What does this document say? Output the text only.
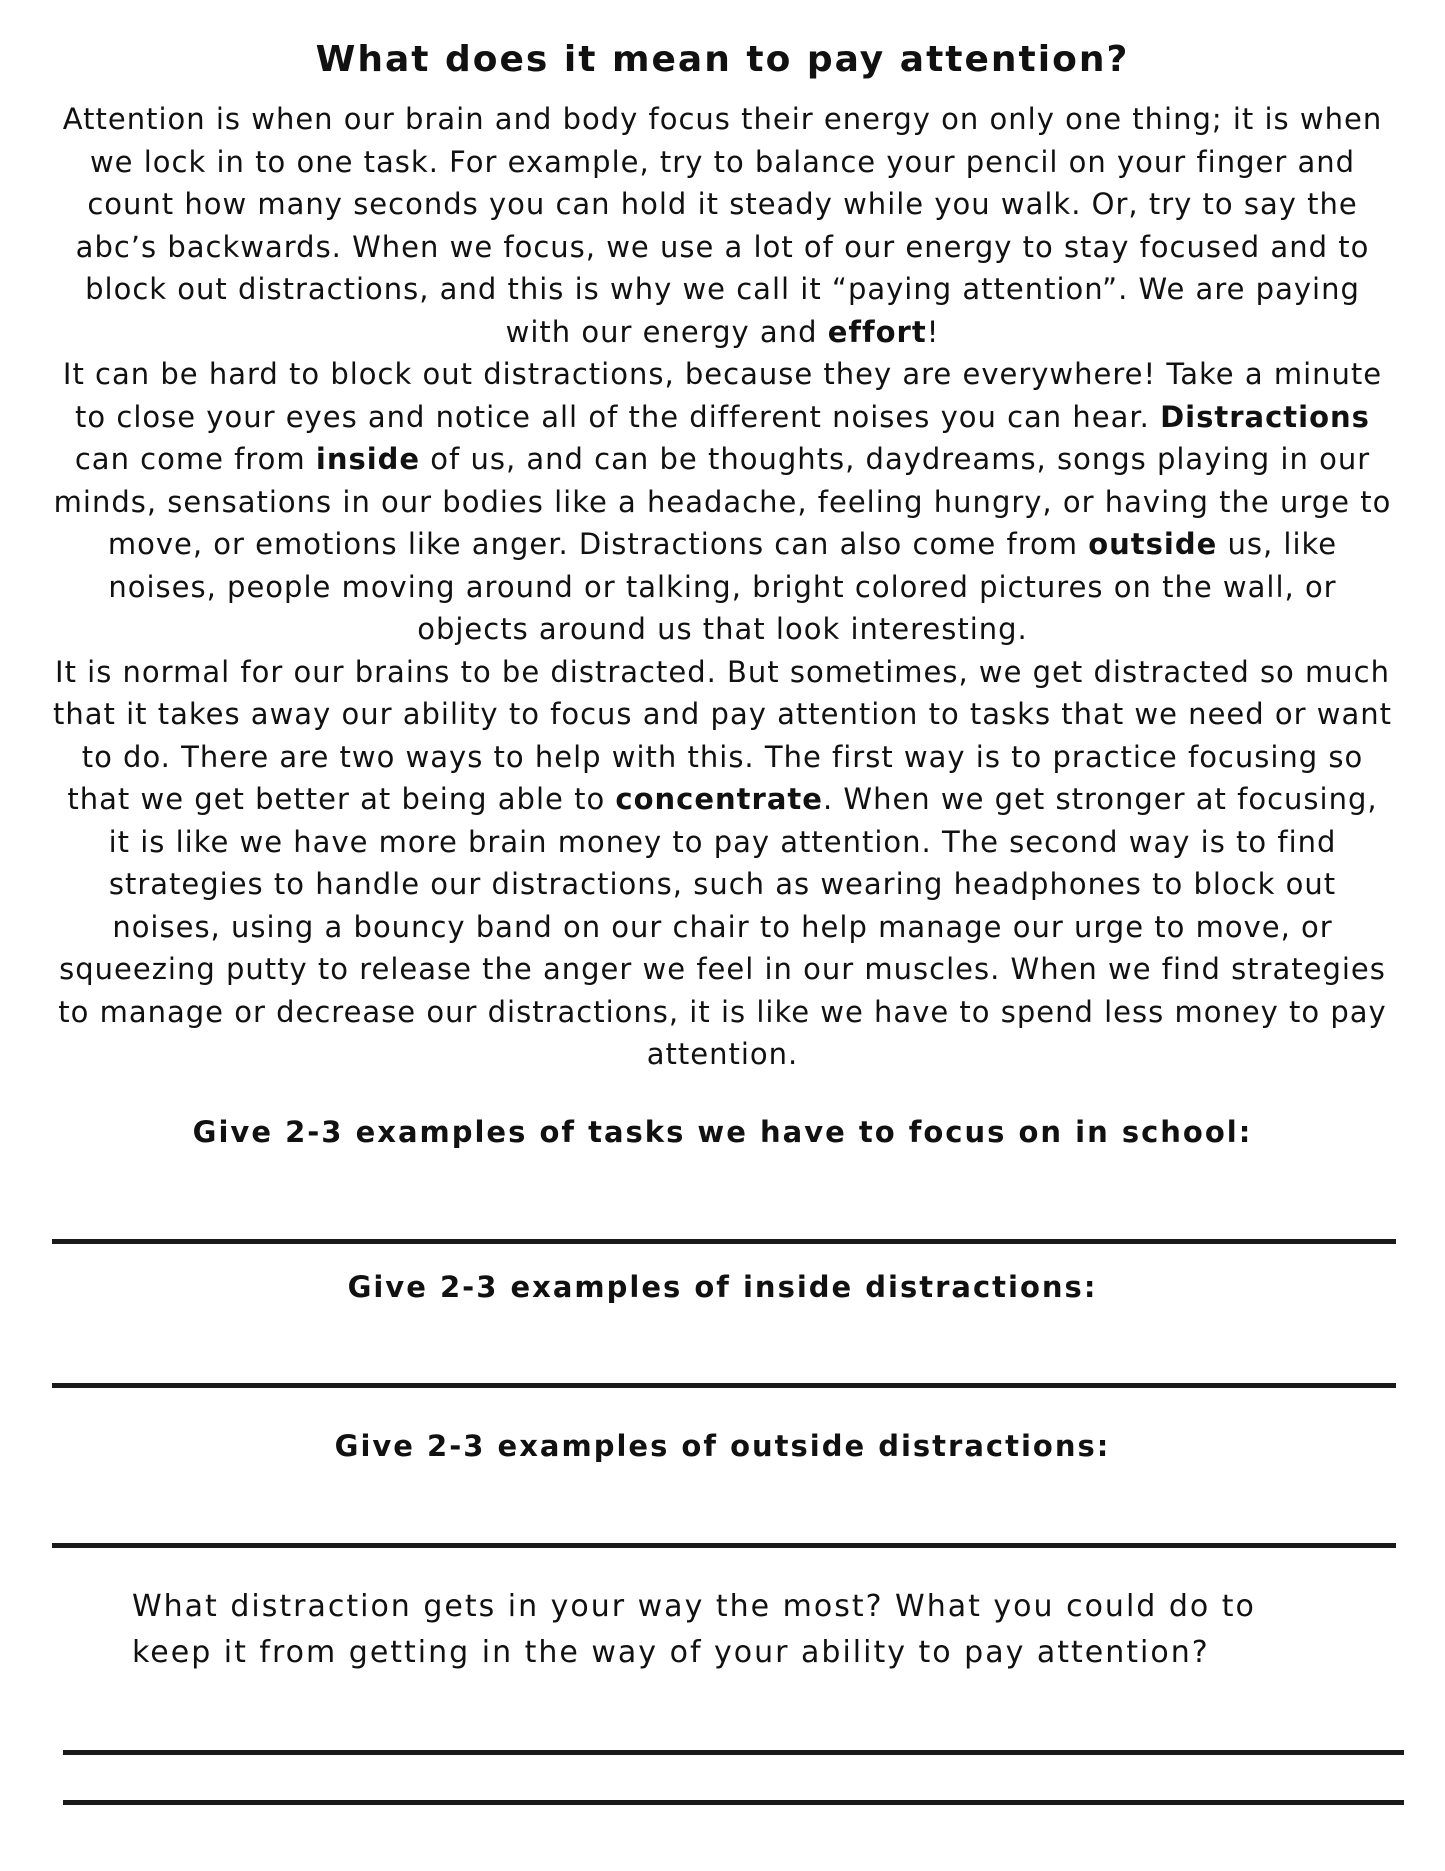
What does it mean to pay attention?

Attention is when our brain and body focus their energy on only one thing; it is when we lock in to one task. For example, try to balance your pencil on your finger and count how many seconds you can hold it steady while you walk. Or, try to say the abc’s backwards. When we focus, we use a lot of our energy to stay focused and to block out distractions, and this is why we call it “paying attention”. We are paying with our energy and effort!

It can be hard to block out distractions, because they are everywhere! Take a minute to close your eyes and notice all of the different noises you can hear. Distractions can come from inside of us, and can be thoughts, daydreams, songs playing in our minds, sensations in our bodies like a headache, feeling hungry, or having the urge to move, or emotions like anger. Distractions can also come from outside us, like noises, people moving around or talking, bright colored pictures on the wall, or objects around us that look interesting.

It is normal for our brains to be distracted. But sometimes, we get distracted so much that it takes away our ability to focus and pay attention to tasks that we need or want to do. There are two ways to help with this. The first way is to practice focusing so that we get better at being able to concentrate. When we get stronger at focusing, it is like we have more brain money to pay attention. The second way is to find strategies to handle our distractions, such as wearing headphones to block out noises, using a bouncy band on our chair to help manage our urge to move, or squeezing putty to release the anger we feel in our muscles. When we find strategies to manage or decrease our distractions, it is like we have to spend less money to pay attention.

Give 2-3 examples of tasks we have to focus on in school:
Give 2-3 examples of inside distractions:
Give 2-3 examples of outside distractions:
What distraction gets in your way the most? What you could do to
keep it from getting in the way of your ability to pay attention?
